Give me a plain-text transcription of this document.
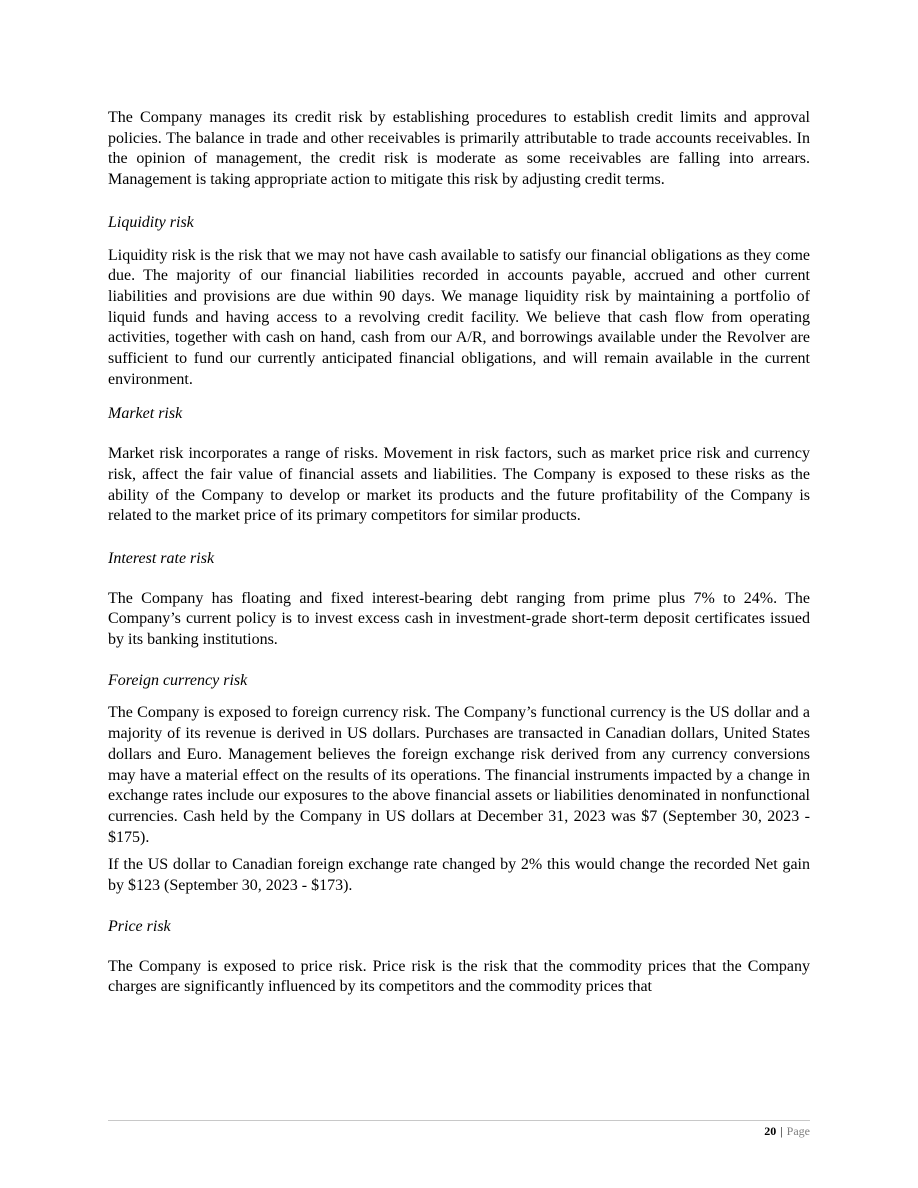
The Company manages its credit risk by establishing procedures to establish credit limits and approval policies. The balance in trade and other receivables is primarily attributable to trade accounts receivables. In the opinion of management, the credit risk is moderate as some receivables are falling into arrears. Management is taking appropriate action to mitigate this risk by adjusting credit terms.

Liquidity risk

Liquidity risk is the risk that we may not have cash available to satisfy our financial obligations as they come due. The majority of our financial liabilities recorded in accounts payable, accrued and other current liabilities and provisions are due within 90 days. We manage liquidity risk by maintaining a portfolio of liquid funds and having access to a revolving credit facility. We believe that cash flow from operating activities, together with cash on hand, cash from our A/R, and borrowings available under the Revolver are sufficient to fund our currently anticipated financial obligations, and will remain available in the current environment.

Market risk

Market risk incorporates a range of risks. Movement in risk factors, such as market price risk and currency risk, affect the fair value of financial assets and liabilities. The Company is exposed to these risks as the ability of the Company to develop or market its products and the future profitability of the Company is related to the market price of its primary competitors for similar products.

Interest rate risk

The Company has floating and fixed interest-bearing debt ranging from prime plus 7% to 24%. The Company’s current policy is to invest excess cash in investment-grade short-term deposit certificates issued by its banking institutions.

Foreign currency risk

The Company is exposed to foreign currency risk. The Company’s functional currency is the US dollar and a majority of its revenue is derived in US dollars. Purchases are transacted in Canadian dollars, United States dollars and Euro. Management believes the foreign exchange risk derived from any currency conversions may have a material effect on the results of its operations. The financial instruments impacted by a change in exchange rates include our exposures to the above financial assets or liabilities denominated in nonfunctional currencies. Cash held by the Company in US dollars at December 31, 2023 was $7 (September 30, 2023 - $175).

If the US dollar to Canadian foreign exchange rate changed by 2% this would change the recorded Net gain by $123 (September 30, 2023 - $173).

Price risk

The Company is exposed to price risk. Price risk is the risk that the commodity prices that the Company charges are significantly influenced by its competitors and the commodity prices that

20 | Page
